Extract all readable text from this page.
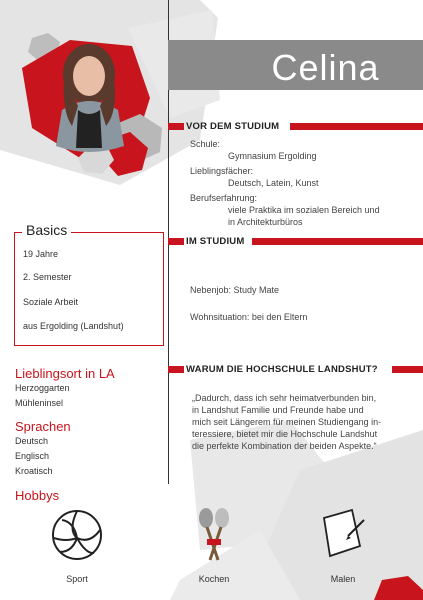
Celina
VOR DEM STUDIUM
Schule:
Gymnasium Ergolding
Lieblingsfächer:
Deutsch, Latein, Kunst
Berufserfahrung:
viele Praktika im sozialen Bereich und
in Architekturbüros
IM STUDIUM
Nebenjob: Study Mate
Wohnsituation: bei den Eltern
WARUM DIE HOCHSCHULE LANDSHUT?
„Dadurch, dass ich sehr heimatverbunden bin,
in Landshut Familie und Freunde habe und
mich seit Längerem für meinen Studiengang in-
teressiere, bietet mir die Hochschule Landshut
die perfekte Kombination der beiden Aspekte.“
Basics
19 Jahre
2. Semester
Soziale Arbeit
aus Ergolding (Landshut)
Lieblingsort in LA
Herzoggarten
Mühleninsel
Sprachen
Deutsch
Englisch
Kroatisch
Hobbys
Sport	Kochen	Malen
